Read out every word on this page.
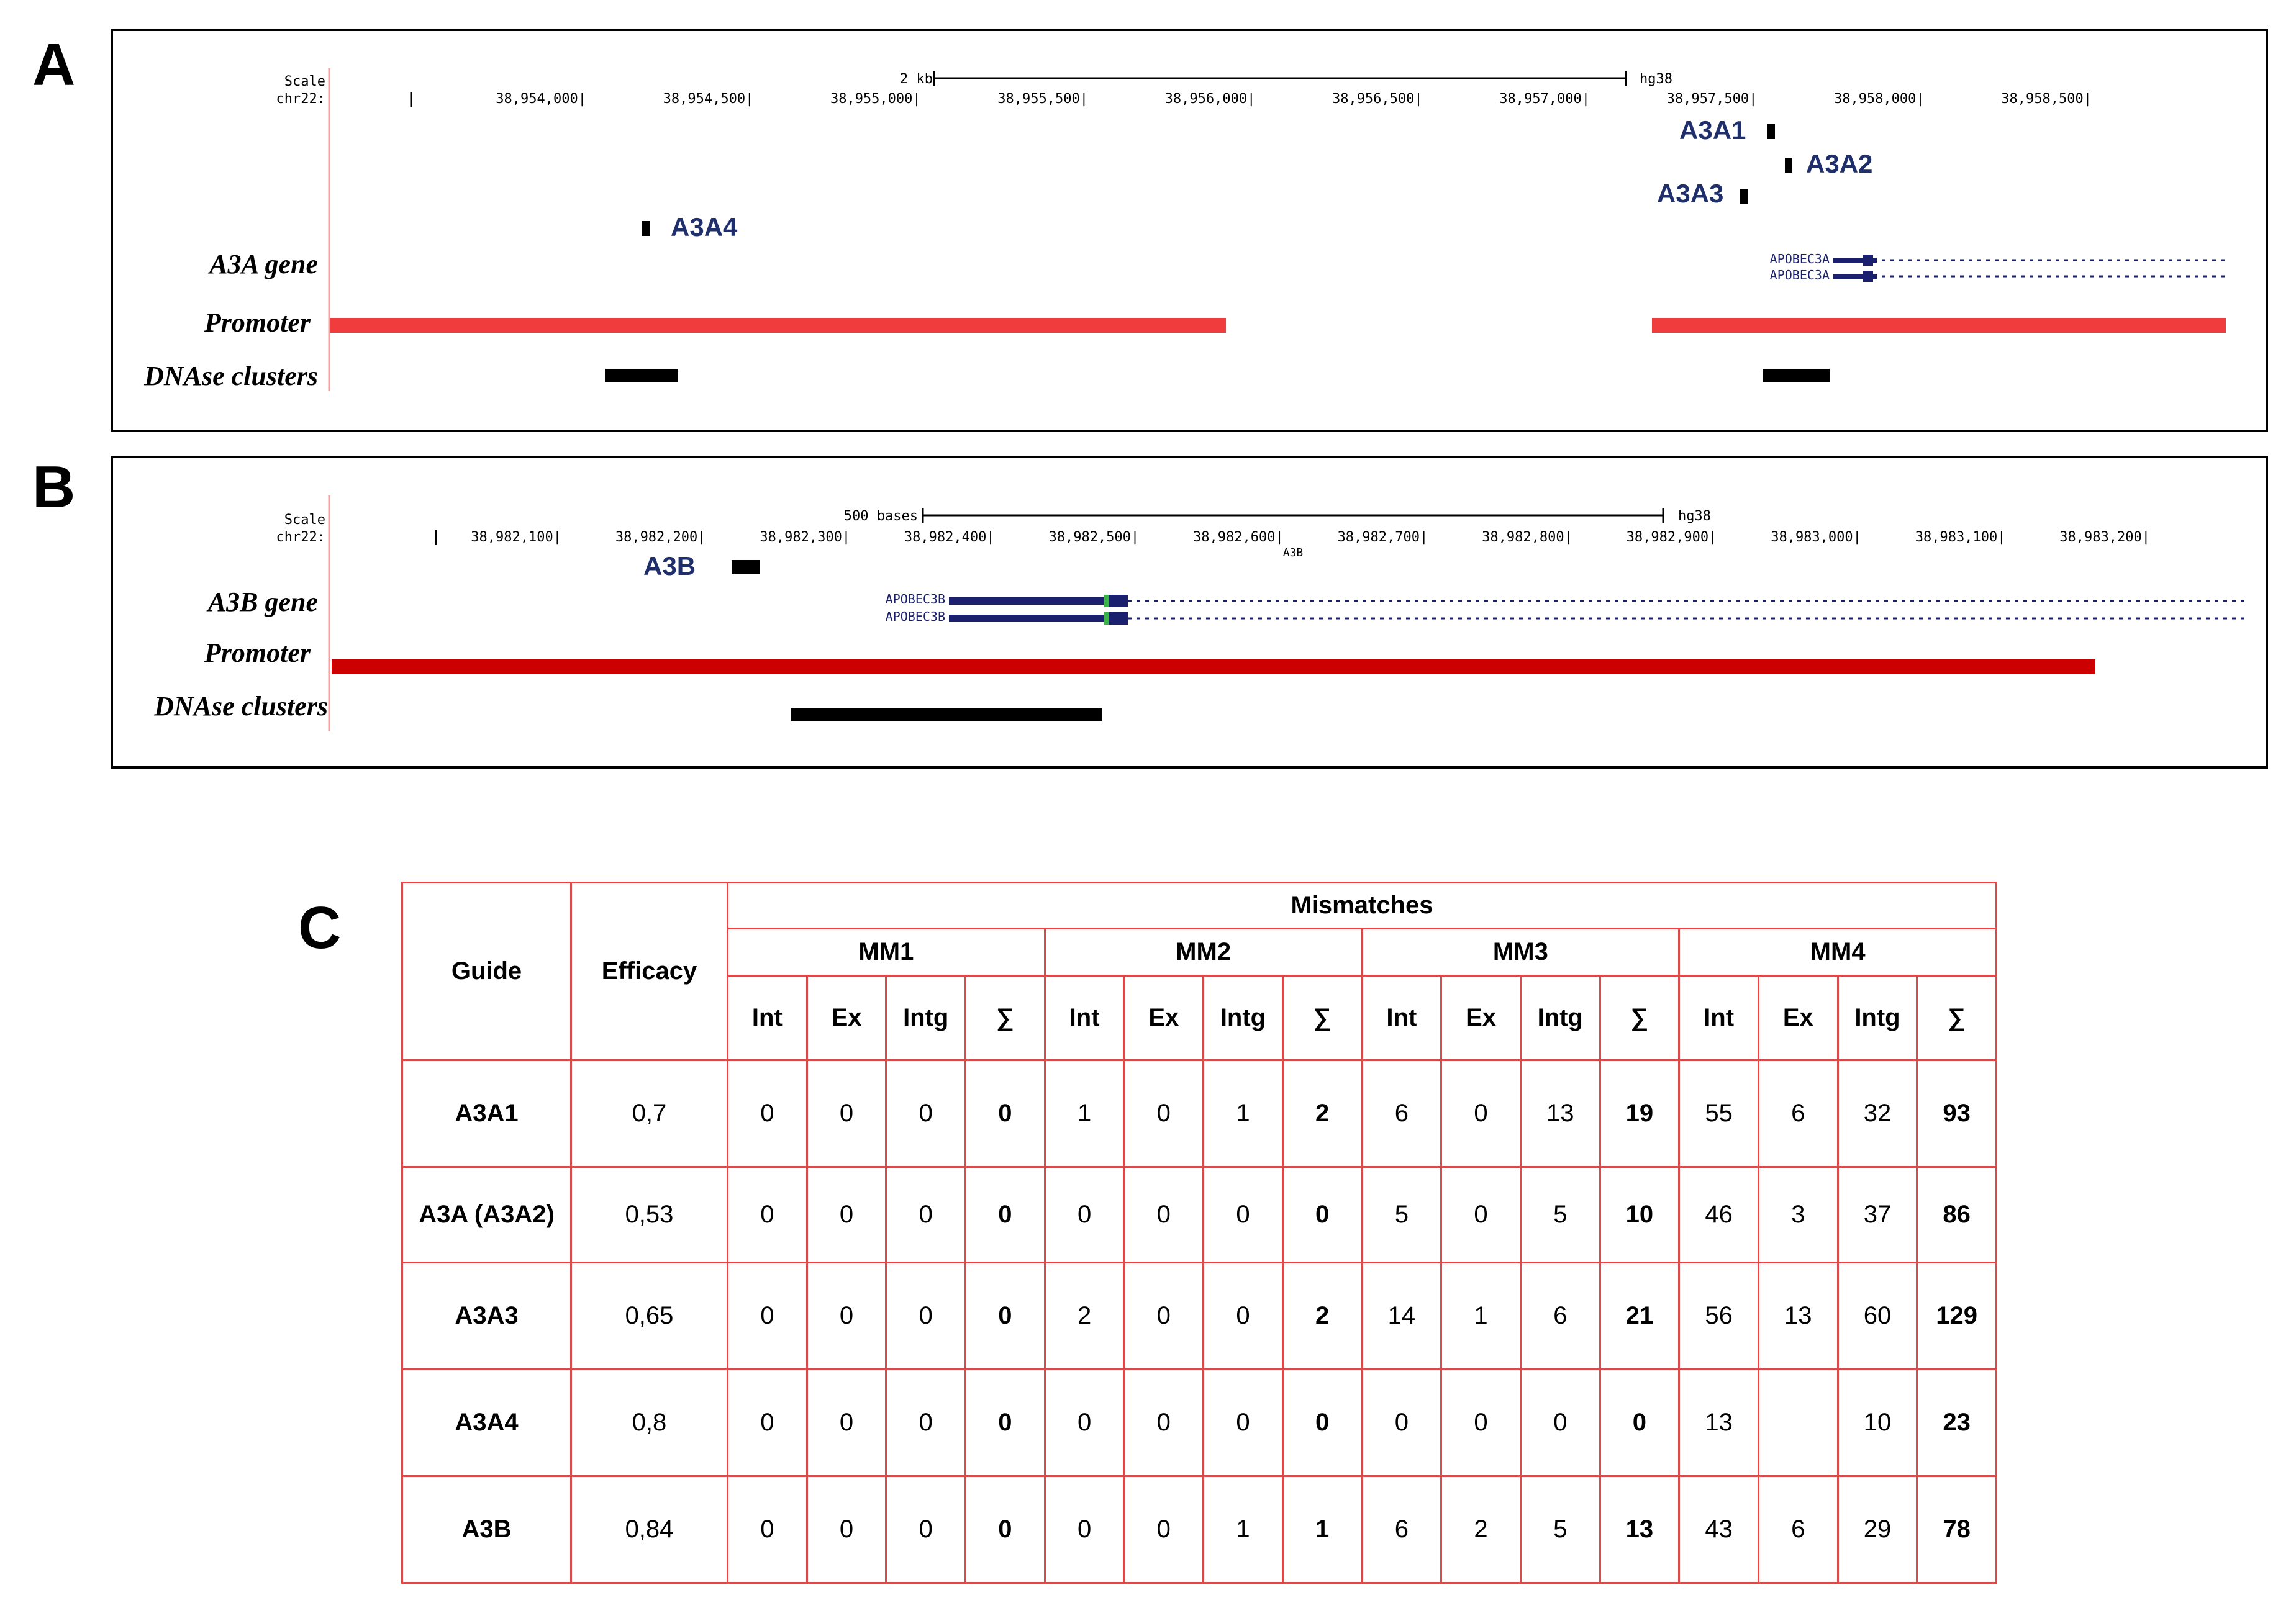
A
B
C
Scale
chr22:
2 kb	hg38
38,954,000|	38,954,500|	38,955,000|	38,955,500|	38,956,000|	38,956,500|	38,957,000|	38,957,500|	38,958,000|	38,958,500|
A3A1
A3A2
A3A3
A3A4
A3A gene
Promoter
DNAse clusters
APOBEC3A
APOBEC3A
Scale
chr22:
500 bases	hg38
38,982,100|	38,982,200|	38,982,300|	38,982,400|	38,982,500|	38,982,600|	38,982,700|	38,982,800|	38,982,900|	38,983,000|	38,983,100|	38,983,200|
A3B
A3B
A3B gene
Promoter
DNAse clusters
APOBEC3B
APOBEC3B
Guide	Efficacy	Mismatches															
		MM1				MM2				MM3				MM4			
		Int	Ex	Intg	∑	Int	Ex	Intg	∑	Int	Ex	Intg	∑	Int	Ex	Intg	∑
A3A1	0,7	0	0	0	0	1	0	1	2	6	0	13	19	55	6	32	93
A3A (A3A2)	0,53	0	0	0	0	0	0	0	0	5	0	5	10	46	3	37	86
A3A3	0,65	0	0	0	0	2	0	0	2	14	1	6	21	56	13	60	129
A3A4	0,8	0	0	0	0	0	0	0	0	0	0	0	0	13		10	23
A3B	0,84	0	0	0	0	0	0	1	1	6	2	5	13	43	6	29	78
